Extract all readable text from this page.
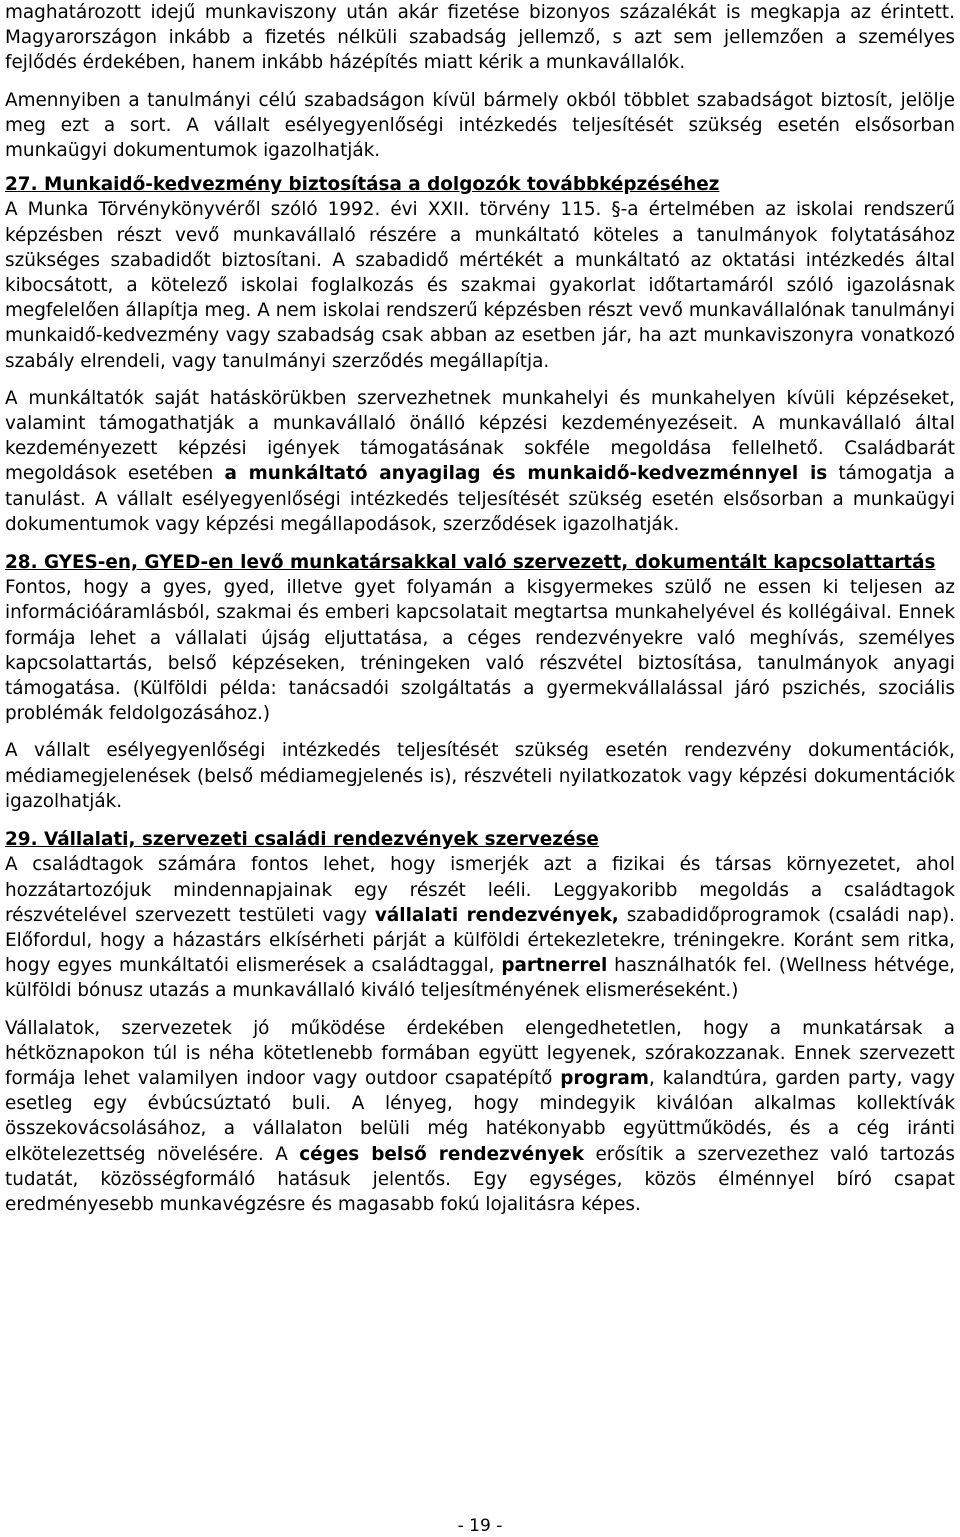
maghatározott idejű munkaviszony után akár fizetése bizonyos százalékát is megkapja az érintett. Magyarországon inkább a fizetés nélküli szabadság jellemző, s azt sem jellemzően a személyes fejlődés érdekében, hanem inkább házépítés miatt kérik a munkavállalók.

Amennyiben a tanulmányi célú szabadságon kívül bármely okból többlet szabadságot biztosít, jelölje meg ezt a sort. A vállalt esélyegyenlőségi intézkedés teljesítését szükség esetén elsősorban munkaügyi dokumentumok igazolhatják.

27. Munkaidő-kedvezmény biztosítása a dolgozók továbbképzéséhez

A Munka Törvénykönyvéről szóló 1992. évi XXII. törvény 115. §-a értelmében az iskolai rendszerű képzésben részt vevő munkavállaló részére a munkáltató köteles a tanulmányok folytatásához szükséges szabadidőt biztosítani. A szabadidő mértékét a munkáltató az oktatási intézkedés által kibocsátott, a kötelező iskolai foglalkozás és szakmai gyakorlat időtartamáról szóló igazolásnak megfelelően állapítja meg. A nem iskolai rendszerű képzésben részt vevő munkavállalónak tanulmányi munkaidő-kedvezmény vagy szabadság csak abban az esetben jár, ha azt munkaviszonyra vonatkozó szabály elrendeli, vagy tanulmányi szerződés megállapítja.

A munkáltatók saját hatáskörükben szervezhetnek munkahelyi és munkahelyen kívüli képzéseket, valamint támogathatják a munkavállaló önálló képzési kezdeményezéseit. A munkavállaló által kezdeményezett képzési igények támogatásának sokféle megoldása fellelhető. Családbarát megoldások esetében a munkáltató anyagilag és munkaidő-kedvezménnyel is támogatja a tanulást. A vállalt esélyegyenlőségi intézkedés teljesítését szükség esetén elsősorban a munkaügyi dokumentumok vagy képzési megállapodások, szerződések igazolhatják.

28. GYES-en, GYED-en levő munkatársakkal való szervezett, dokumentált kapcsolattartás

Fontos, hogy a gyes, gyed, illetve gyet folyamán a kisgyermekes szülő ne essen ki teljesen az információáramlásból, szakmai és emberi kapcsolatait megtartsa munkahelyével és kollégáival. Ennek formája lehet a vállalati újság eljuttatása, a céges rendezvényekre való meghívás, személyes kapcsolattartás, belső képzéseken, tréningeken való részvétel biztosítása, tanulmányok anyagi támogatása. (Külföldi példa: tanácsadói szolgáltatás a gyermekvállalással járó pszichés, szociális problémák feldolgozásához.)

A vállalt esélyegyenlőségi intézkedés teljesítését szükség esetén rendezvény dokumentációk, médiamegjelenések (belső médiamegjelenés is), részvételi nyilatkozatok vagy képzési dokumentációk igazolhatják.

29. Vállalati, szervezeti családi rendezvények szervezése

A családtagok számára fontos lehet, hogy ismerjék azt a fizikai és társas környezetet, ahol hozzátartozójuk mindennapjainak egy részét leéli. Leggyakoribb megoldás a családtagok részvételével szervezett testületi vagy vállalati rendezvények, szabadidőprogramok (családi nap). Előfordul, hogy a házastárs elkísérheti párját a külföldi értekezletekre, tréningekre. Koránt sem ritka, hogy egyes munkáltatói elismerések a családtaggal, partnerrel használhatók fel. (Wellness hétvége, külföldi bónusz utazás a munkavállaló kiváló teljesítményének elismeréseként.)

Vállalatok, szervezetek jó működése érdekében elengedhetetlen, hogy a munkatársak a hétköznapokon túl is néha kötetlenebb formában együtt legyenek, szórakozzanak. Ennek szervezett formája lehet valamilyen indoor vagy outdoor csapatépítő program, kalandtúra, garden party, vagy esetleg egy évbúcsúztató buli. A lényeg, hogy mindegyik kiválóan alkalmas kollektívák összekovácsolásához, a vállalaton belüli még hatékonyabb együttműködés, és a cég iránti elkötelezettség növelésére. A céges belső rendezvények erősítik a szervezethez való tartozás tudatát, közösségformáló hatásuk jelentős. Egy egységes, közös élménnyel bíró csapat eredményesebb munkavégzésre és magasabb fokú lojalitásra képes.

- 19 -
